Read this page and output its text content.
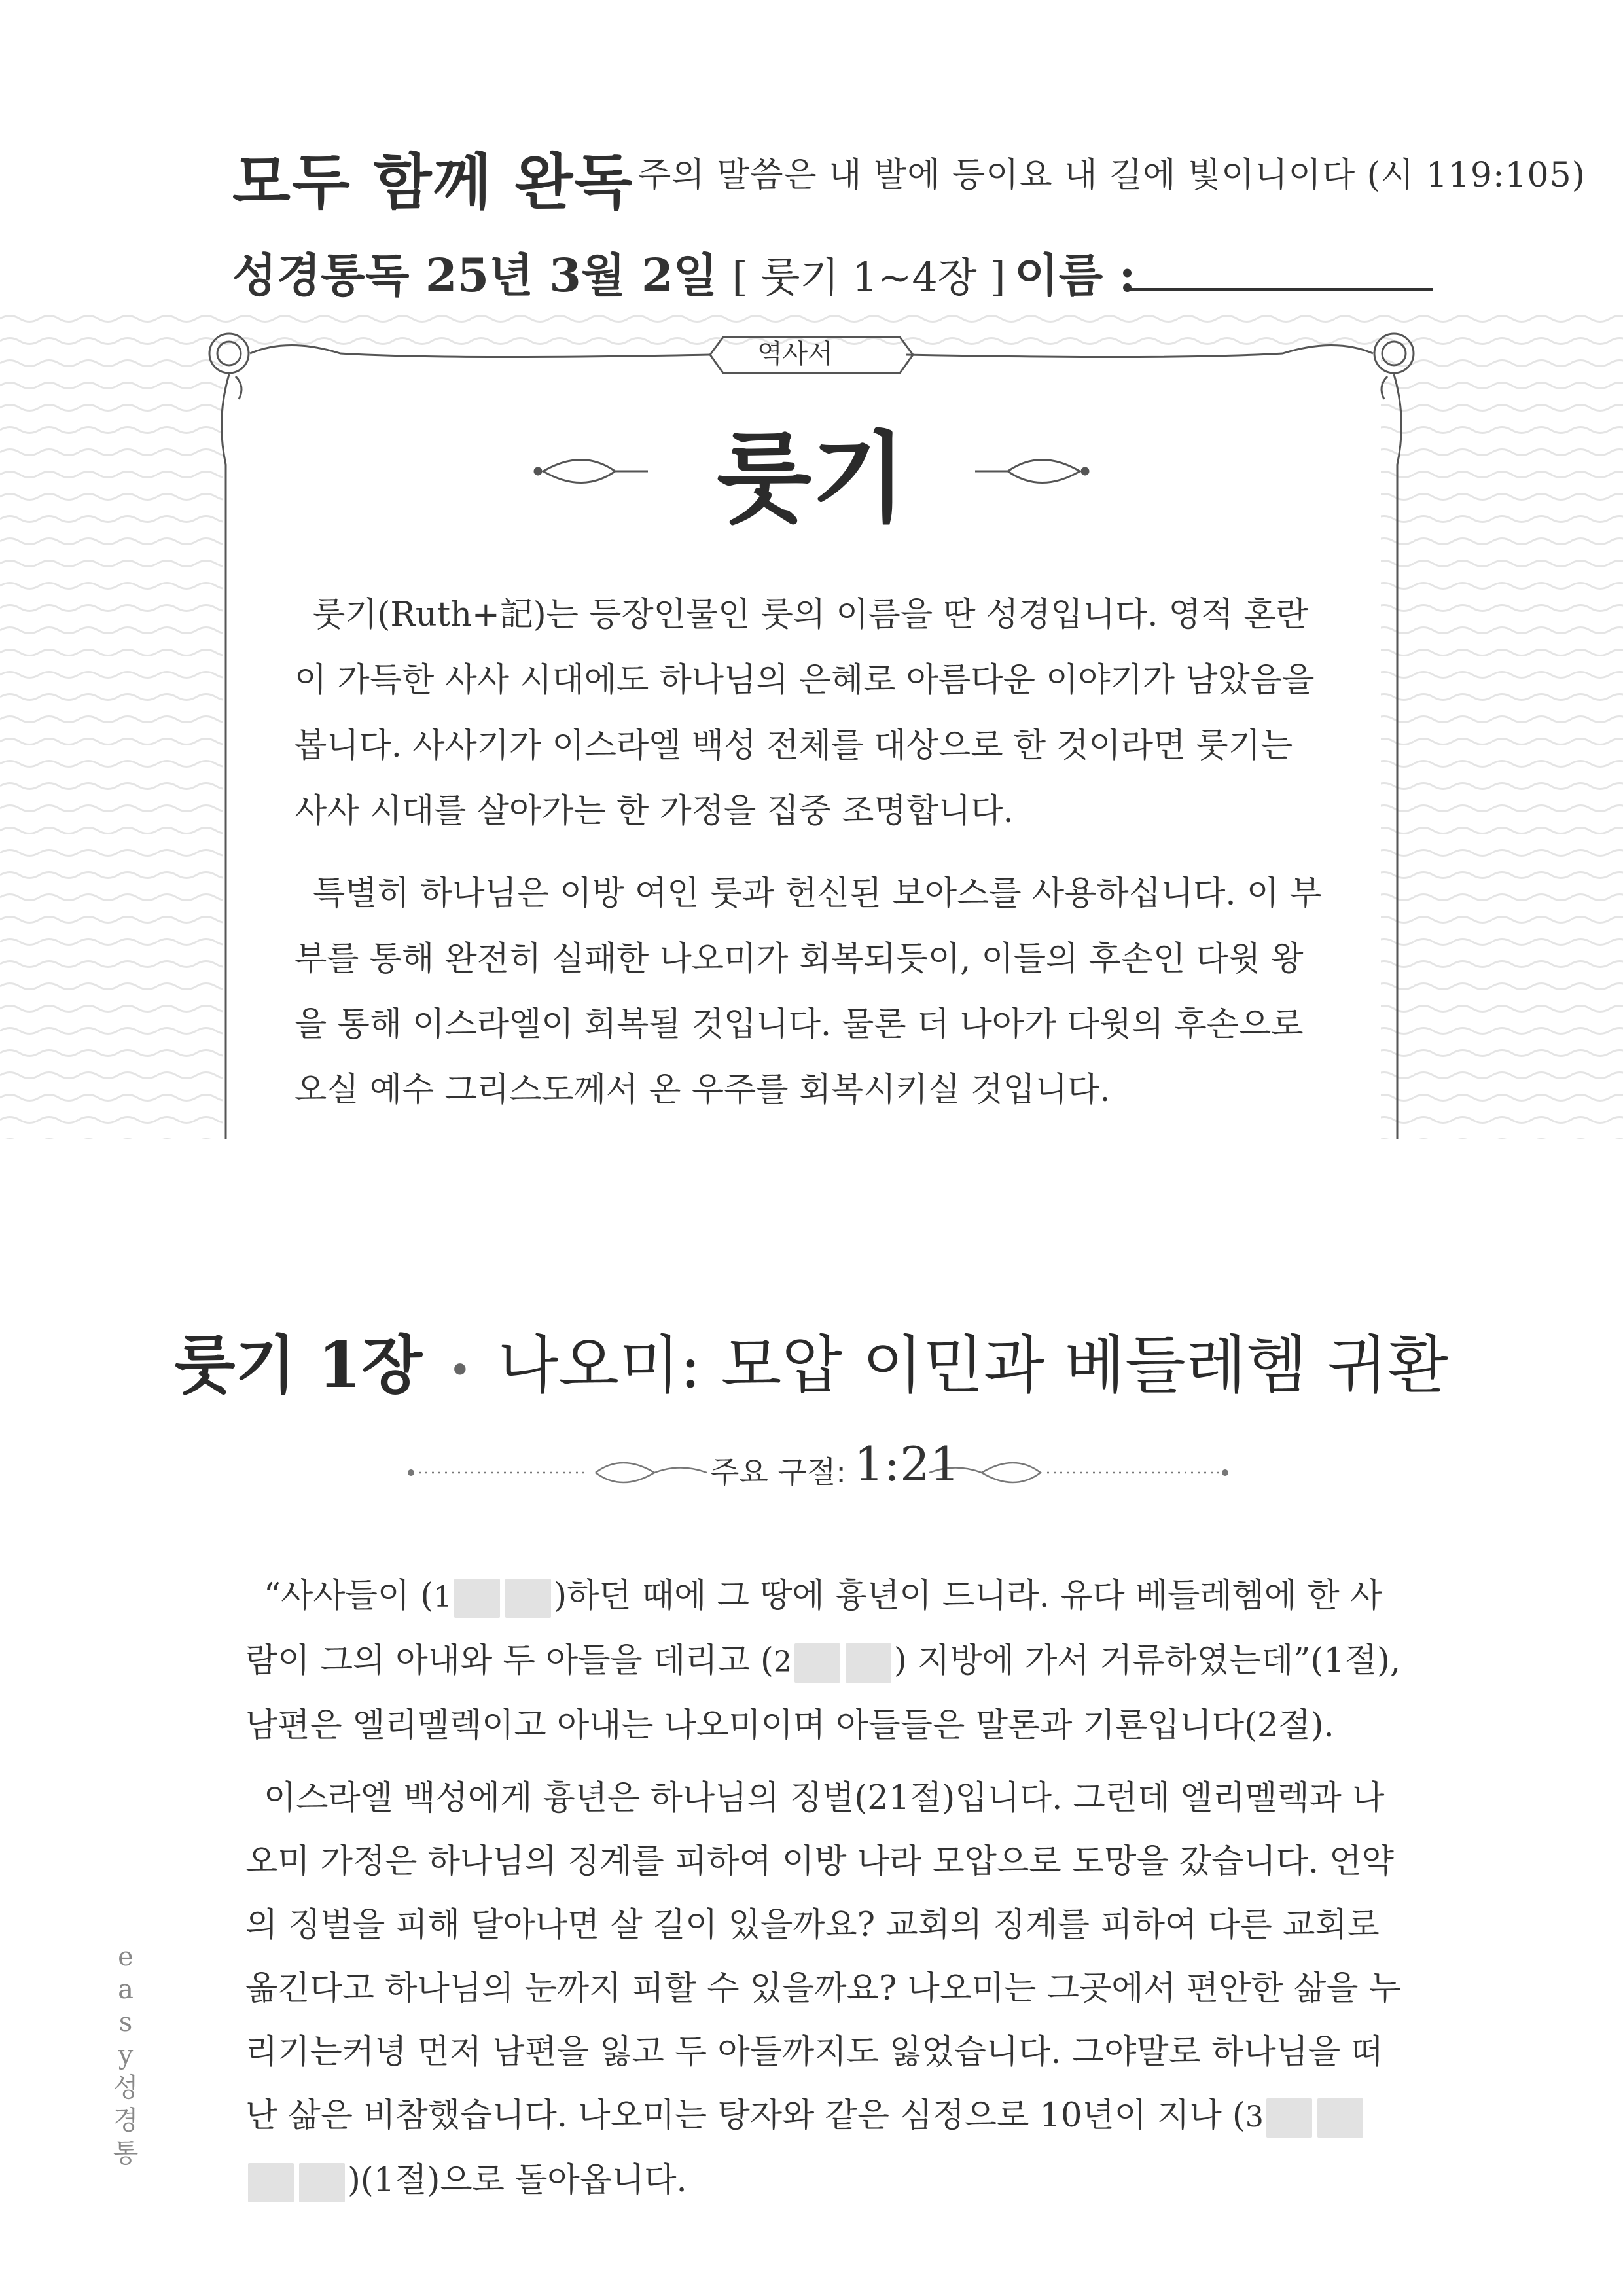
모두 함께 완독 주의 말씀은 내 발에 등이요 내 길에 빛이니이다 (시 119:105)
성경통독 25년 3월 2일 [ 룻기 1~4장 ] 이름 :
역사서
룻기

룻기(Ruth+記)는 등장인물인 룻의 이름을 딴 성경입니다. 영적 혼란이 가득한 사사 시대에도 하나님의 은혜로 아름다운 이야기가 남았음을 봅니다. 사사기가 이스라엘 백성 전체를 대상으로 한 것이라면 룻기는 사사 시대를 살아가는 한 가정을 집중 조명합니다.

특별히 하나님은 이방 여인 룻과 헌신된 보아스를 사용하십니다. 이 부부를 통해 완전히 실패한 나오미가 회복되듯이, 이들의 후손인 다윗 왕을 통해 이스라엘이 회복될 것입니다. 물론 더 나아가 다윗의 후손으로 오실 예수 그리스도께서 온 우주를 회복시키실 것입니다.

룻기 1장 • 나오미: 모압 이민과 베들레헴 귀환
주요 구절: 1:21

“사사들이 (1	)하던 때에 그 땅에 흉년이 드니라. 유다 베들레헴에 한 사람이 그의 아내와 두 아들을 데리고 (2	) 지방에 가서 거류하였는데”(1절), 남편은 엘리멜렉이고 아내는 나오미이며 아들들은 말론과 기룐입니다(2절).

이스라엘 백성에게 흉년은 하나님의 징벌(21절)입니다. 그런데 엘리멜렉과 나오미 가정은 하나님의 징계를 피하여 이방 나라 모압으로 도망을 갔습니다. 언약의 징벌을 피해 달아나면 살 길이 있을까요? 교회의 징계를 피하여 다른 교회로 옮긴다고 하나님의 눈까지 피할 수 있을까요? 나오미는 그곳에서 편안한 삶을 누리기는커녕 먼저 남편을 잃고 두 아들까지도 잃었습니다. 그야말로 하나님을 떠난 삶은 비참했습니다. 나오미는 탕자와 같은 심정으로 10년이 지나 (3)(1절)으로 돌아옵니다.

e
a
s
y
성
경
통
